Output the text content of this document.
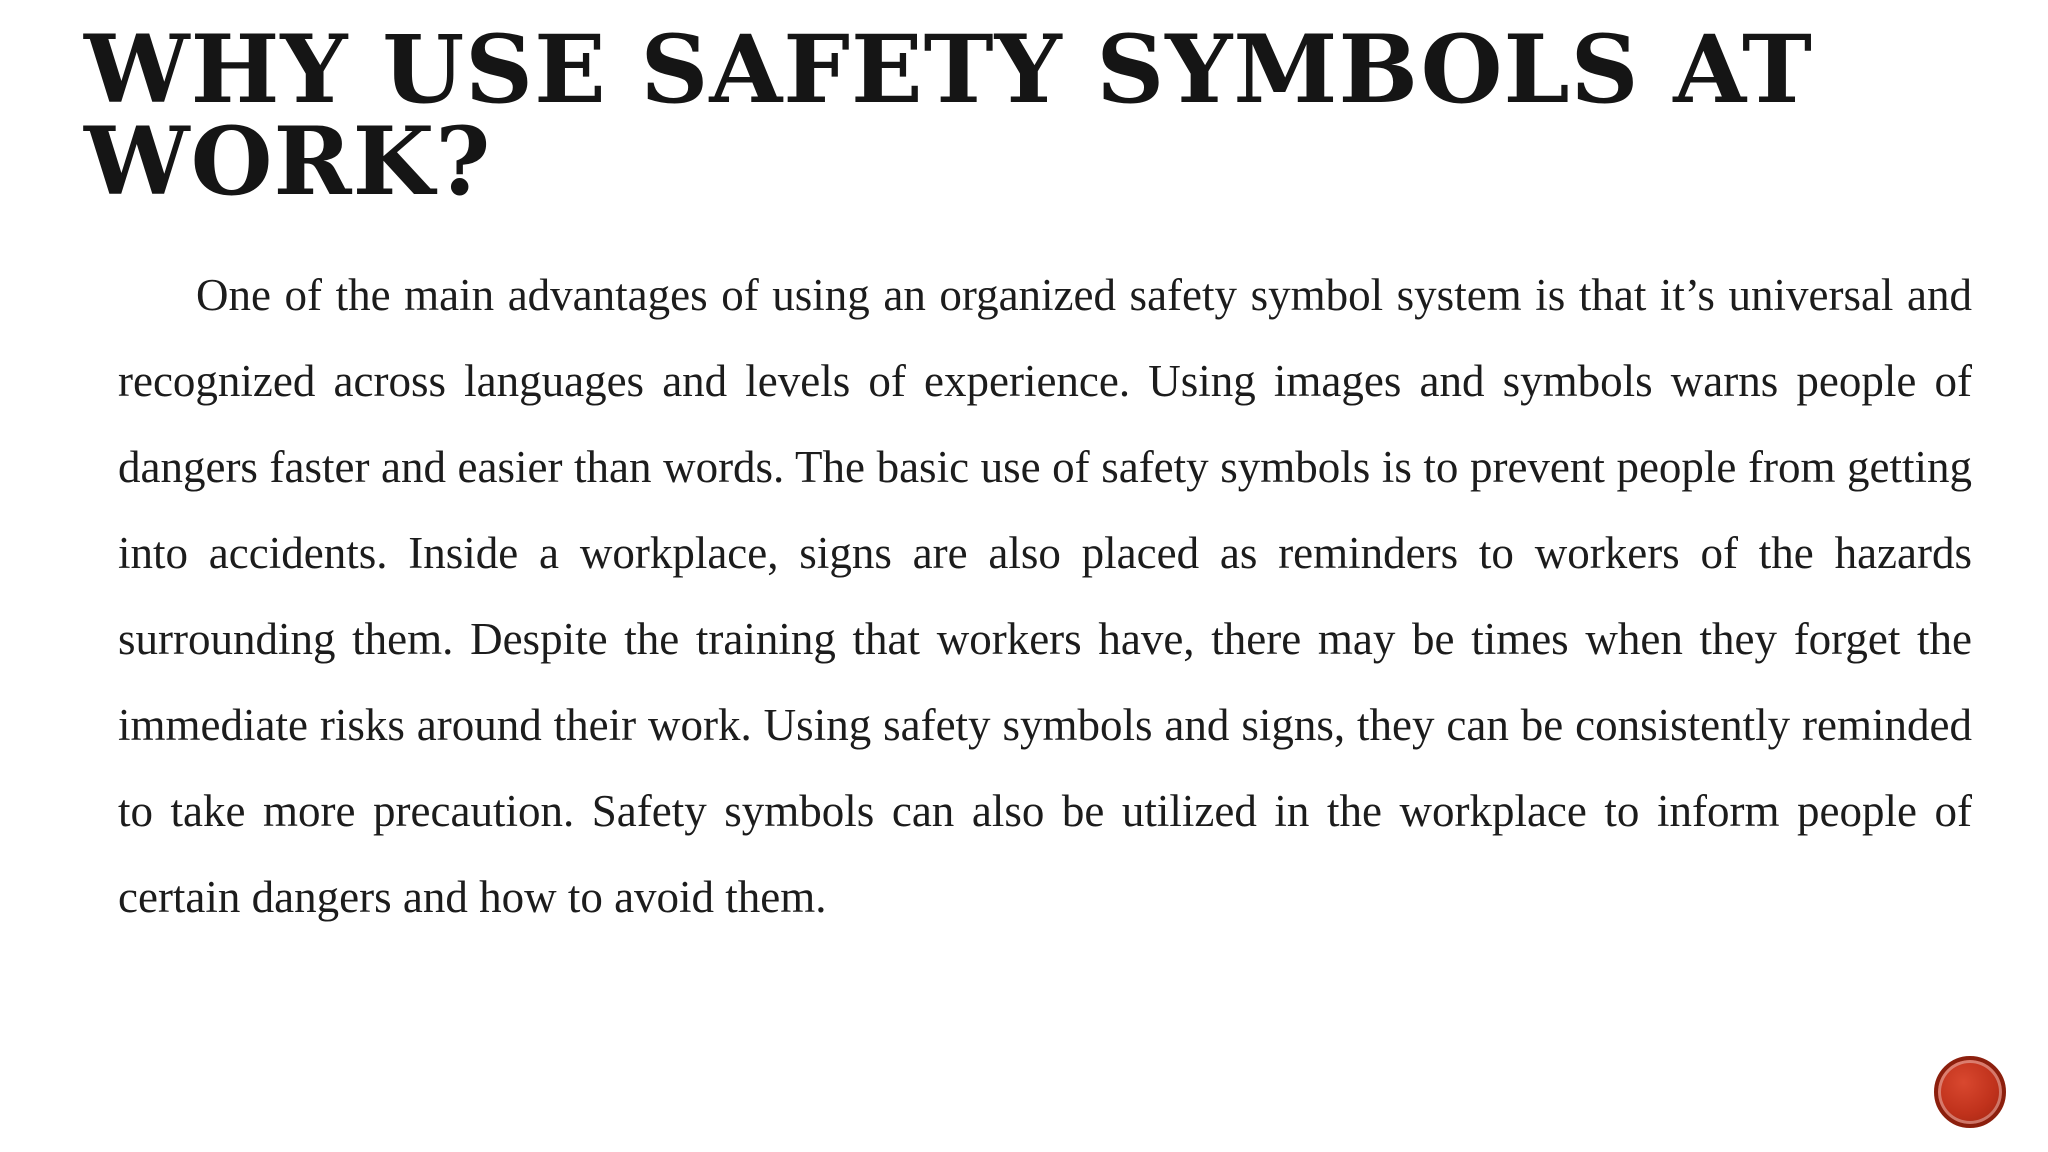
WHY USE SAFETY SYMBOLS AT WORK?

One of the main advantages of using an organized safety symbol system is that it’s universal and recognized across languages and levels of experience. Using images and symbols warns people of dangers faster and easier than words. The basic use of safety symbols is to prevent people from getting into accidents. Inside a workplace, signs are also placed as reminders to workers of the hazards surrounding them. Despite the training that workers have, there may be times when they forget the immediate risks around their work. Using safety symbols and signs, they can be consistently reminded to take more precaution. Safety symbols can also be utilized in the workplace to inform people of certain dangers and how to avoid them.
